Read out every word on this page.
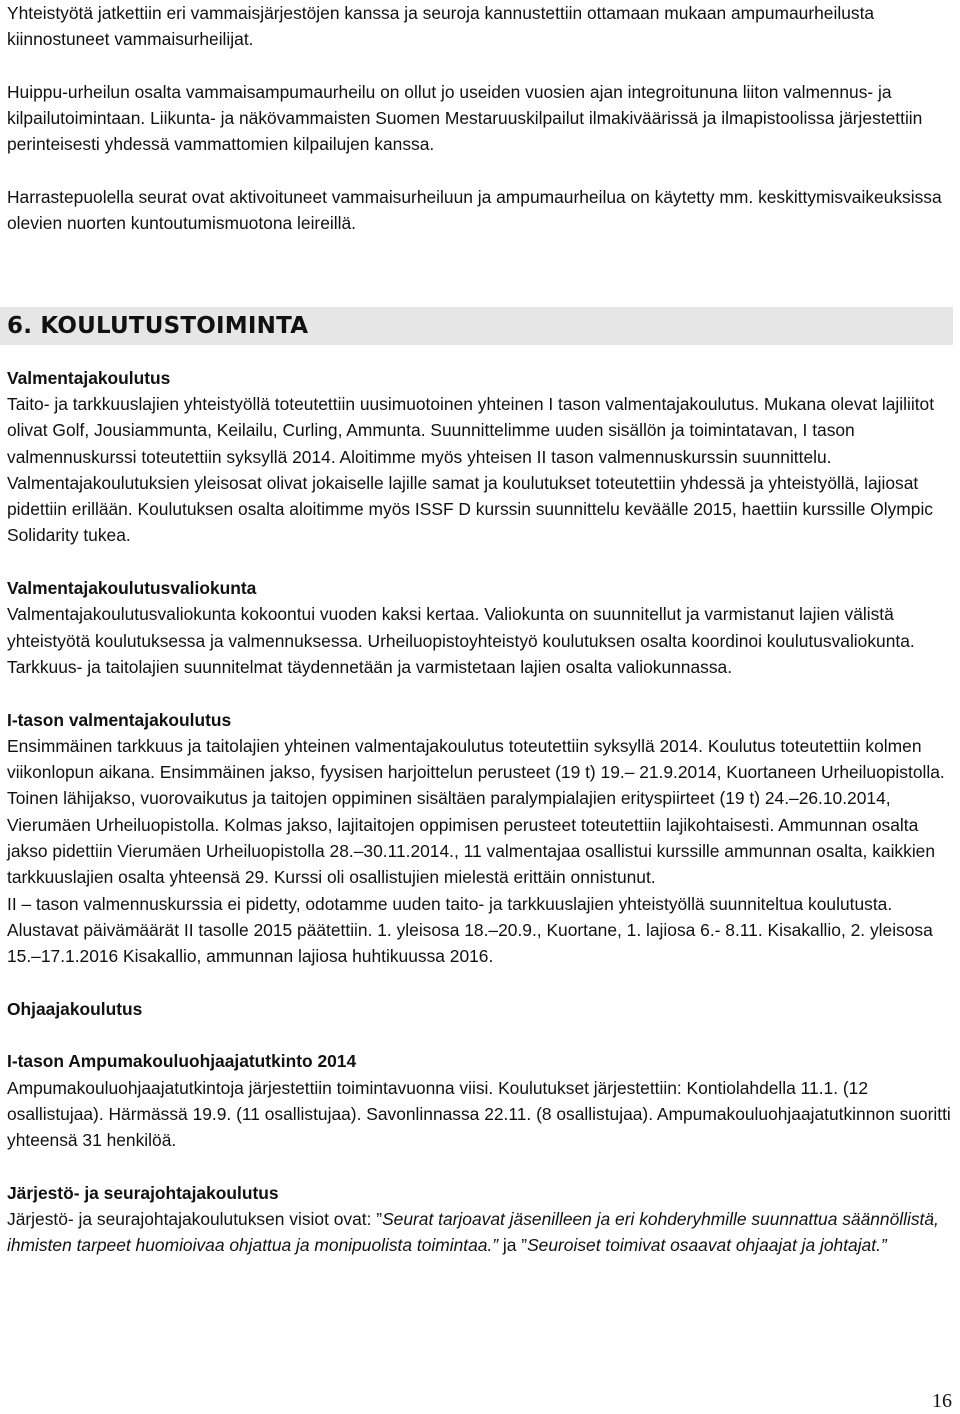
Yhteistyötä jatkettiin eri vammaisjärjestöjen kanssa ja seuroja kannustettiin ottamaan mukaan ampumaurheilusta kiinnostuneet vammaisurheilijat.

Huippu-urheilun osalta vammaisampumaurheilu on ollut jo useiden vuosien ajan integroitununa liiton valmennus- ja kilpailutoimintaan. Liikunta- ja näkövammaisten Suomen Mestaruuskilpailut ilmakiväärissä ja ilmapistoolissa järjestettiin perinteisesti yhdessä vammattomien kilpailujen kanssa.

Harrastepuolella seurat ovat aktivoituneet vammaisurheiluun ja ampumaurheilua on käytetty mm. keskittymisvaikeuksissa olevien nuorten kuntoutumismuotona leireillä.

6. KOULUTUSTOIMINTA

Valmentajakoulutus

Taito- ja tarkkuuslajien yhteistyöllä toteutettiin uusimuotoinen yhteinen I tason valmentajakoulutus. Mukana olevat lajiliitot olivat Golf, Jousiammunta, Keilailu, Curling, Ammunta. Suunnittelimme uuden sisällön ja toimintatavan, I tason valmennuskurssi toteutettiin syksyllä 2014. Aloitimme myös yhteisen II tason valmennuskurssin suunnittelu. Valmentajakoulutuksien yleisosat olivat jokaiselle lajille samat ja koulutukset toteutettiin yhdessä ja yhteistyöllä, lajiosat pidettiin erillään. Koulutuksen osalta aloitimme myös ISSF D kurssin suunnittelu keväälle 2015, haettiin kurssille Olympic Solidarity tukea.

Valmentajakoulutusvaliokunta

Valmentajakoulutusvaliokunta kokoontui vuoden kaksi kertaa. Valiokunta on suunnitellut ja varmistanut lajien välistä yhteistyötä koulutuksessa ja valmennuksessa. Urheiluopistoyhteistyö koulutuksen osalta koordinoi koulutusvaliokunta. Tarkkuus- ja taitolajien suunnitelmat täydennetään ja varmistetaan lajien osalta valiokunnassa.

I-tason valmentajakoulutus

Ensimmäinen tarkkuus ja taitolajien yhteinen valmentajakoulutus toteutettiin syksyllä 2014. Koulutus toteutettiin kolmen viikonlopun aikana. Ensimmäinen jakso, fyysisen harjoittelun perusteet (19 t) 19.– 21.9.2014, Kuortaneen Urheiluopistolla. Toinen lähijakso, vuorovaikutus ja taitojen oppiminen sisältäen paralympialajien erityspiirteet (19 t) 24.–26.10.2014, Vierumäen Urheiluopistolla. Kolmas jakso, lajitaitojen oppimisen perusteet toteutettiin lajikohtaisesti. Ammunnan osalta jakso pidettiin Vierumäen Urheiluopistolla 28.–30.11.2014., 11 valmentajaa osallistui kurssille ammunnan osalta, kaikkien tarkkuuslajien osalta yhteensä 29. Kurssi oli osallistujien mielestä erittäin onnistunut.

II – tason valmennuskurssia ei pidetty, odotamme uuden taito- ja tarkkuuslajien yhteistyöllä suunniteltua koulutusta. Alustavat päivämäärät II tasolle 2015 päätettiin. 1. yleisosa 18.–20.9., Kuortane, 1. lajiosa 6.- 8.11. Kisakallio, 2. yleisosa 15.–17.1.2016 Kisakallio, ammunnan lajiosa huhtikuussa 2016.

Ohjaajakoulutus

I-tason Ampumakouluohjaajatutkinto 2014

Ampumakouluohjaajatutkintoja järjestettiin toimintavuonna viisi. Koulutukset järjestettiin: Kontiolahdella 11.1. (12 osallistujaa). Härmässä 19.9. (11 osallistujaa). Savonlinnassa 22.11. (8 osallistujaa). Ampumakouluohjaajatutkinnon suoritti yhteensä 31 henkilöä.

Järjestö- ja seurajohtajakoulutus

Järjestö- ja seurajohtajakoulutuksen visiot ovat: ”Seurat tarjoavat jäsenilleen ja eri kohderyhmille suunnattua säännöllistä, ihmisten tarpeet huomioivaa ohjattua ja monipuolista toimintaa.” ja ”Seuroiset toimivat osaavat ohjaajat ja johtajat.”

16
